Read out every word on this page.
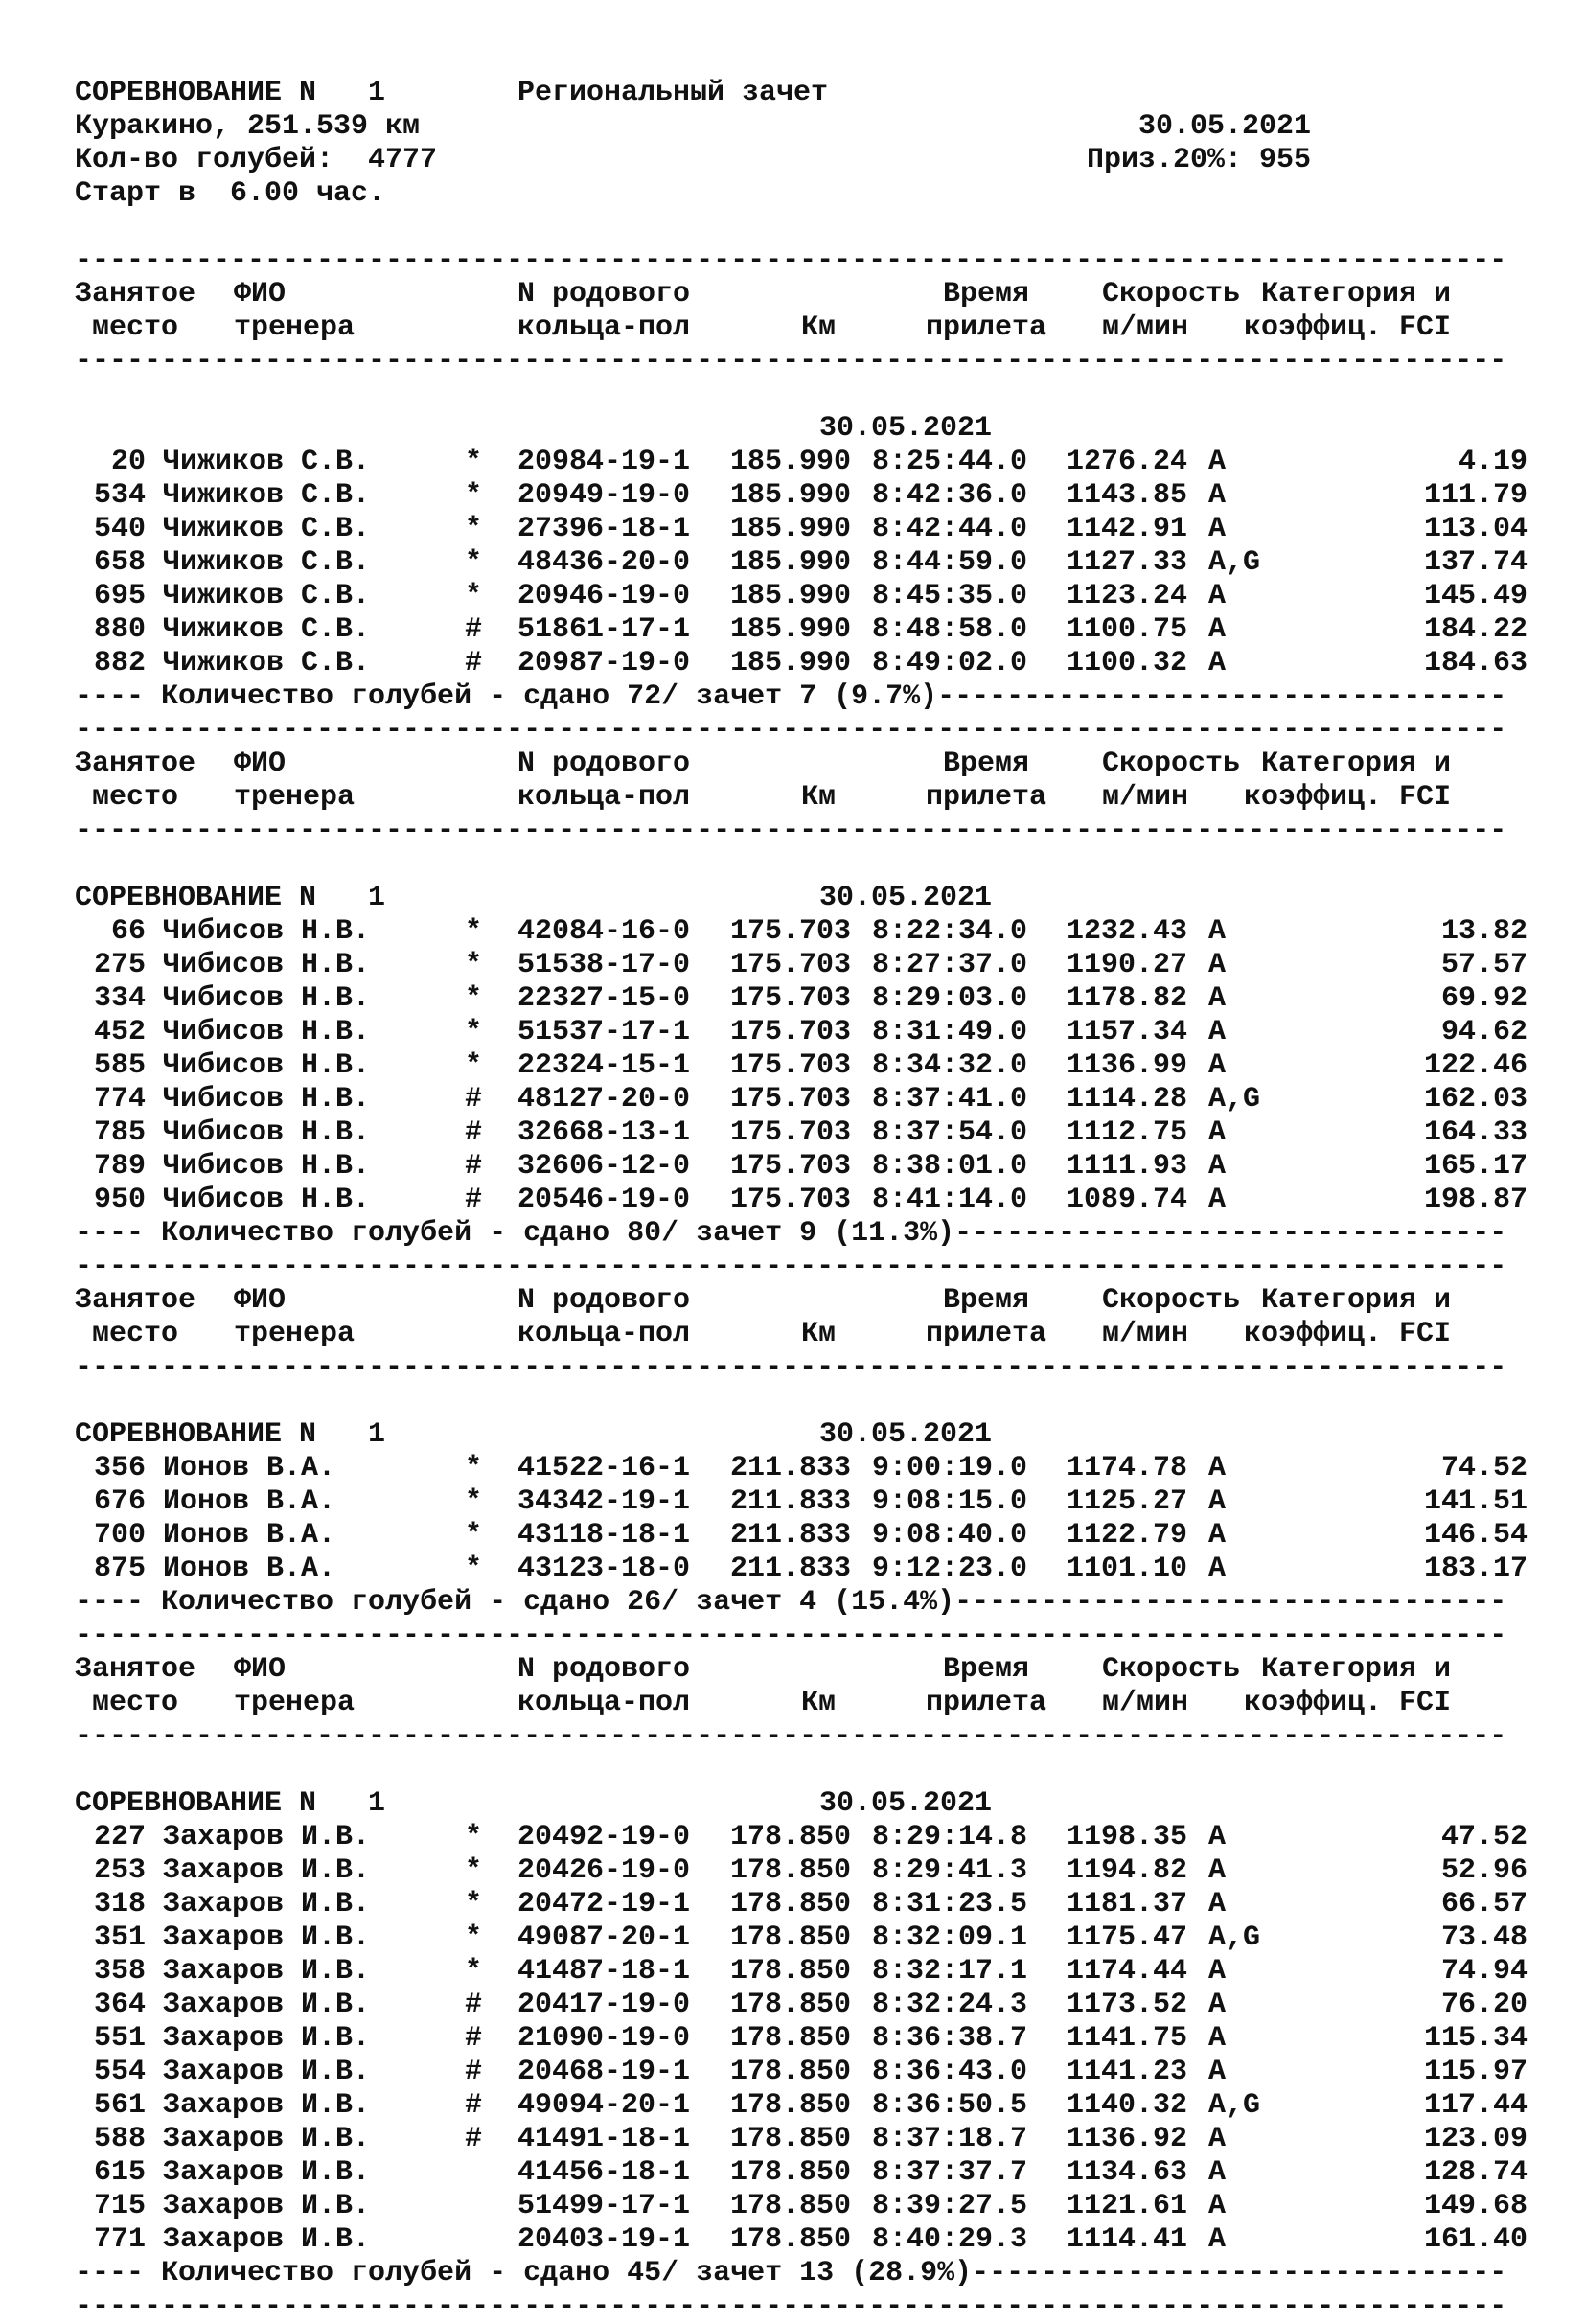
СОРЕВНОВАНИЕ N   1	Региональный зачет
Куракино, 251.539 км	30.05.2021
Кол-во голубей:  4777	Приз.20%: 955
Старт в  6.00 час.
-----
Занятое ФИО	N родового	Время	Скорость Категория и
место тренера	кольца-пол	Км	прилета м/мин коэффиц. FCI
-----
30.05.2021
20 Чижиков С.В.	* 20984-19-1 185.990 8:25:44.0 1276.24 A	4.19
534 Чижиков С.В.	* 20949-19-0 185.990 8:42:36.0 1143.85 A	111.79
540 Чижиков С.В.	* 27396-18-1 185.990 8:42:44.0 1142.91 A	113.04
658 Чижиков С.В.	* 48436-20-0 185.990 8:44:59.0 1127.33 A,G	137.74
695 Чижиков С.В.	* 20946-19-0 185.990 8:45:35.0 1123.24 A	145.49
880 Чижиков С.В.	# 51861-17-1 185.990 8:48:58.0 1100.75 A	184.22
882 Чижиков С.В.	# 20987-19-0 185.990 8:49:02.0 1100.32 A	184.63
---- Количество голубей - сдано 72/ зачет 7 (9.7%)-----
-----
Занятое ФИО	N родового	Время	Скорость Категория и
место тренера	кольца-пол	Км	прилета м/мин коэффиц. FCI
-----
СОРЕВНОВАНИЕ N   1	30.05.2021
66 Чибисов Н.В.	* 42084-16-0 175.703 8:22:34.0 1232.43 A	13.82
275 Чибисов Н.В.	* 51538-17-0 175.703 8:27:37.0 1190.27 A	57.57
334 Чибисов Н.В.	* 22327-15-0 175.703 8:29:03.0 1178.82 A	69.92
452 Чибисов Н.В.	* 51537-17-1 175.703 8:31:49.0 1157.34 A	94.62
585 Чибисов Н.В.	* 22324-15-1 175.703 8:34:32.0 1136.99 A	122.46
774 Чибисов Н.В.	# 48127-20-0 175.703 8:37:41.0 1114.28 A,G	162.03
785 Чибисов Н.В.	# 32668-13-1 175.703 8:37:54.0 1112.75 A	164.33
789 Чибисов Н.В.	# 32606-12-0 175.703 8:38:01.0 1111.93 A	165.17
950 Чибисов Н.В.	# 20546-19-0 175.703 8:41:14.0 1089.74 A	198.87
---- Количество голубей - сдано 80/ зачет 9 (11.3%)-----
-----
Занятое ФИО	N родового	Время	Скорость Категория и
место тренера	кольца-пол	Км	прилета м/мин коэффиц. FCI
-----
СОРЕВНОВАНИЕ N   1	30.05.2021
356 Ионов В.А.	* 41522-16-1 211.833 9:00:19.0 1174.78 A	74.52
676 Ионов В.А.	* 34342-19-1 211.833 9:08:15.0 1125.27 A	141.51
700 Ионов В.А.	* 43118-18-1 211.833 9:08:40.0 1122.79 A	146.54
875 Ионов В.А.	* 43123-18-0 211.833 9:12:23.0 1101.10 A	183.17
---- Количество голубей - сдано 26/ зачет 4 (15.4%)-----
-----
Занятое ФИО	N родового	Время	Скорость Категория и
место тренера	кольца-пол	Км	прилета м/мин коэффиц. FCI
-----
СОРЕВНОВАНИЕ N   1	30.05.2021
227 Захаров И.В.	* 20492-19-0 178.850 8:29:14.8 1198.35 A	47.52
253 Захаров И.В.	* 20426-19-0 178.850 8:29:41.3 1194.82 A	52.96
318 Захаров И.В.	* 20472-19-1 178.850 8:31:23.5 1181.37 A	66.57
351 Захаров И.В.	* 49087-20-1 178.850 8:32:09.1 1175.47 A,G	73.48
358 Захаров И.В.	* 41487-18-1 178.850 8:32:17.1 1174.44 A	74.94
364 Захаров И.В.	# 20417-19-0 178.850 8:32:24.3 1173.52 A	76.20
551 Захаров И.В.	# 21090-19-0 178.850 8:36:38.7 1141.75 A	115.34
554 Захаров И.В.	# 20468-19-1 178.850 8:36:43.0 1141.23 A	115.97
561 Захаров И.В.	# 49094-20-1 178.850 8:36:50.5 1140.32 A,G	117.44
588 Захаров И.В.	# 41491-18-1 178.850 8:37:18.7 1136.92 A	123.09
615 Захаров И.В.	41456-18-1 178.850 8:37:37.7 1134.63 A	128.74
715 Захаров И.В.	51499-17-1 178.850 8:39:27.5 1121.61 A	149.68
771 Захаров И.В.	20403-19-1 178.850 8:40:29.3 1114.41 A	161.40
---- Количество голубей - сдано 45/ зачет 13 (28.9%)-----
-----
